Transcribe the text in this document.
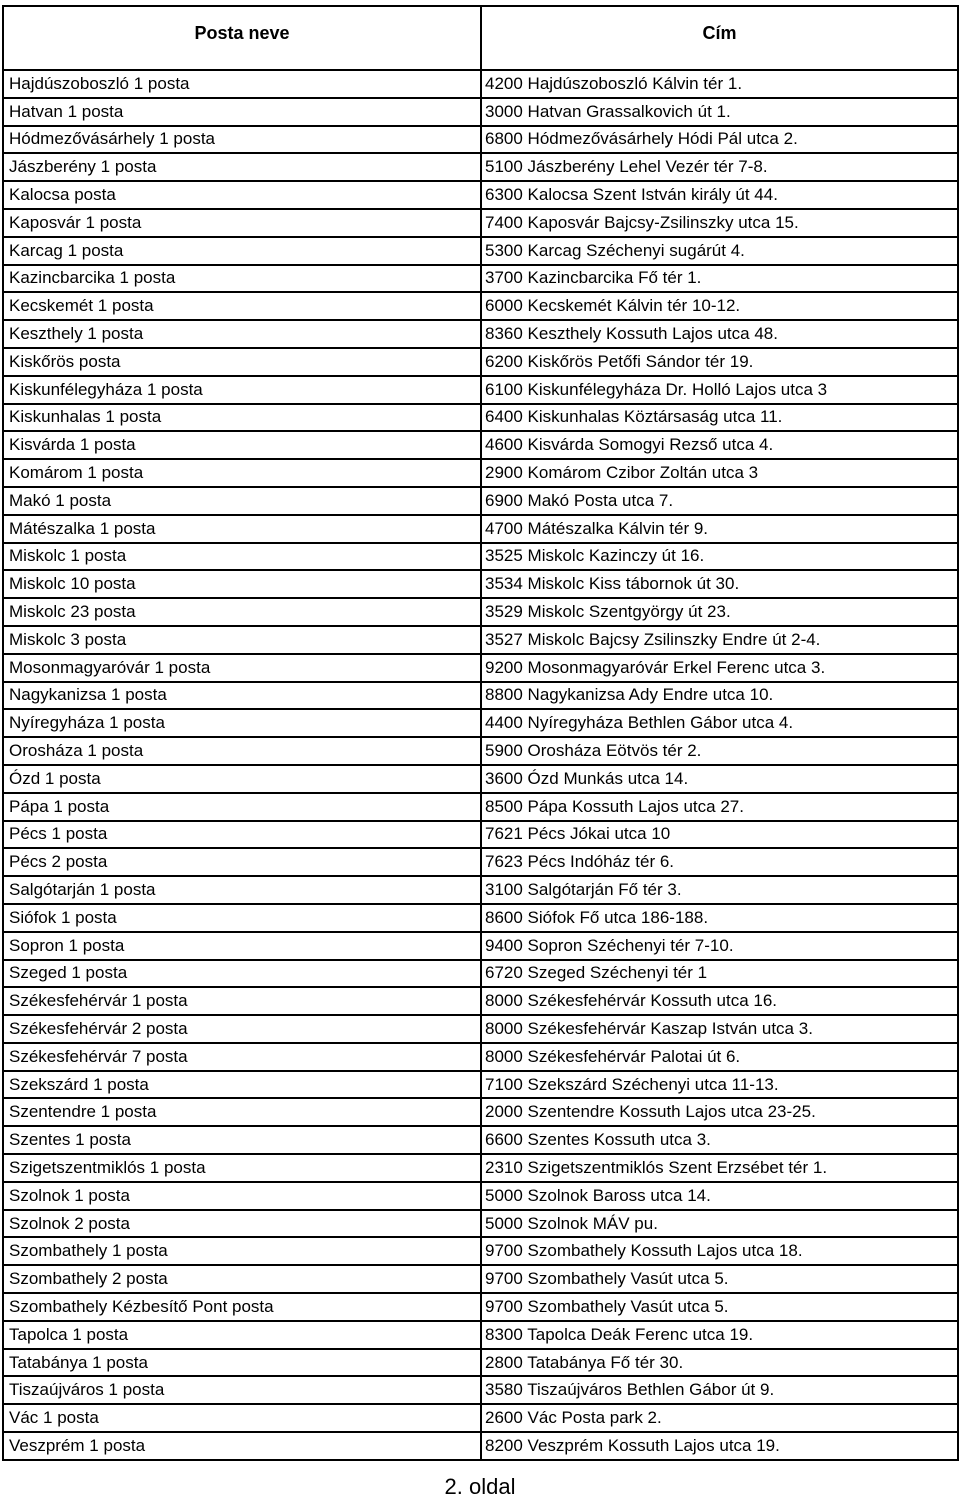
Posta neve	Cím

Hajdúszoboszló 1 posta	4200 Hajdúszoboszló Kálvin tér 1.
Hatvan 1 posta	3000 Hatvan Grassalkovich út 1.
Hódmezővásárhely 1 posta	6800 Hódmezővásárhely Hódi Pál utca 2.
Jászberény 1 posta	5100 Jászberény Lehel Vezér tér 7-8.
Kalocsa posta	6300 Kalocsa Szent István király út 44.
Kaposvár 1 posta	7400 Kaposvár Bajcsy-Zsilinszky utca 15.
Karcag 1 posta	5300 Karcag Széchenyi sugárút 4.
Kazincbarcika 1 posta	3700 Kazincbarcika Fő tér 1.
Kecskemét 1 posta	6000 Kecskemét Kálvin tér 10-12.
Keszthely 1 posta	8360 Keszthely Kossuth Lajos utca 48.
Kiskőrös posta	6200 Kiskőrös Petőfi Sándor tér 19.
Kiskunfélegyháza 1 posta	6100 Kiskunfélegyháza Dr. Holló Lajos utca 3
Kiskunhalas 1 posta	6400 Kiskunhalas Köztársaság utca 11.
Kisvárda 1 posta	4600 Kisvárda Somogyi Rezső utca 4.
Komárom 1 posta	2900 Komárom Czibor Zoltán utca 3
Makó 1 posta	6900 Makó Posta utca 7.
Mátészalka 1 posta	4700 Mátészalka Kálvin tér 9.
Miskolc 1 posta	3525 Miskolc Kazinczy út 16.
Miskolc 10 posta	3534 Miskolc Kiss tábornok út 30.
Miskolc 23 posta	3529 Miskolc Szentgyörgy út 23.
Miskolc 3 posta	3527 Miskolc Bajcsy Zsilinszky Endre út 2-4.
Mosonmagyaróvár 1 posta	9200 Mosonmagyaróvár Erkel Ferenc utca 3.
Nagykanizsa 1 posta	8800 Nagykanizsa Ady Endre utca 10.
Nyíregyháza 1 posta	4400 Nyíregyháza Bethlen Gábor utca 4.
Orosháza 1 posta	5900 Orosháza Eötvös tér 2.
Ózd 1 posta	3600 Ózd Munkás utca 14.
Pápa 1 posta	8500 Pápa Kossuth Lajos utca 27.
Pécs 1 posta	7621 Pécs Jókai utca 10
Pécs 2 posta	7623 Pécs Indóház tér 6.
Salgótarján 1 posta	3100 Salgótarján Fő tér 3.
Siófok 1 posta	8600 Siófok Fő utca 186-188.
Sopron 1 posta	9400 Sopron Széchenyi tér 7-10.
Szeged 1 posta	6720 Szeged Széchenyi tér 1
Székesfehérvár 1 posta	8000 Székesfehérvár Kossuth utca 16.
Székesfehérvár 2 posta	8000 Székesfehérvár Kaszap István utca 3.
Székesfehérvár 7 posta	8000 Székesfehérvár Palotai út 6.
Szekszárd 1 posta	7100 Szekszárd Széchenyi utca 11-13.
Szentendre 1 posta	2000 Szentendre Kossuth Lajos utca 23-25.
Szentes 1 posta	6600 Szentes Kossuth utca 3.
Szigetszentmiklós 1 posta	2310 Szigetszentmiklós Szent Erzsébet tér 1.
Szolnok 1 posta	5000 Szolnok Baross utca 14.
Szolnok 2 posta	5000 Szolnok MÁV pu.
Szombathely 1 posta	9700 Szombathely Kossuth Lajos utca 18.
Szombathely 2 posta	9700 Szombathely Vasút utca 5.
Szombathely Kézbesítő Pont posta	9700 Szombathely Vasút utca 5.
Tapolca 1 posta	8300 Tapolca Deák Ferenc utca 19.
Tatabánya 1 posta	2800 Tatabánya Fő tér 30.
Tiszaújváros 1 posta	3580 Tiszaújváros Bethlen Gábor út 9.
Vác 1 posta	2600 Vác Posta park 2.
Veszprém 1 posta	8200 Veszprém Kossuth Lajos utca 19.
2. oldal
